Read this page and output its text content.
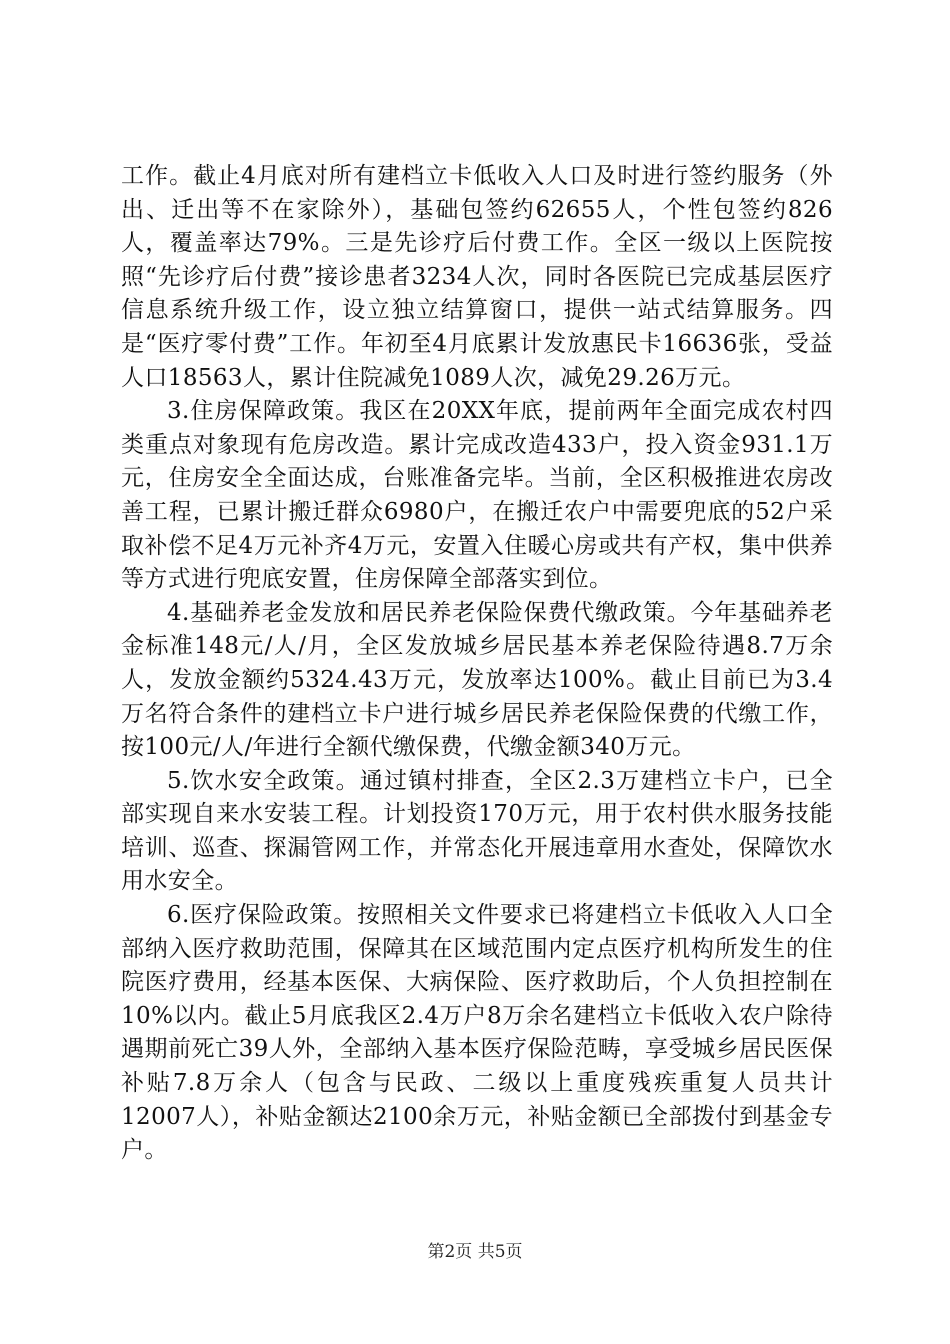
工作。截止4月底对所有建档立卡低收入人口及时进行签约服务（外出、迁出等不在家除外），基础包签约62655人，个性包签约826人，覆盖率达79%。三是先诊疗后付费工作。全区一级以上医院按照“先诊疗后付费”接诊患者3234人次，同时各医院已完成基层医疗信息系统升级工作，设立独立结算窗口，提供一站式结算服务。四是“医疗零付费”工作。年初至4月底累计发放惠民卡16636张，受益人口18563人，累计住院减免1089人次，减免29.26万元。

3.住房保障政策。我区在20XX年底，提前两年全面完成农村四类重点对象现有危房改造。累计完成改造433户，投入资金931.1万元，住房安全全面达成，台账准备完毕。当前，全区积极推进农房改善工程，已累计搬迁群众6980户，在搬迁农户中需要兜底的52户采取补偿不足4万元补齐4万元，安置入住暖心房或共有产权，集中供养等方式进行兜底安置，住房保障全部落实到位。

4.基础养老金发放和居民养老保险保费代缴政策。今年基础养老金标准148元/人/月，全区发放城乡居民基本养老保险待遇8.7万余人，发放金额约5324.43万元，发放率达100%。截止目前已为3.4万名符合条件的建档立卡户进行城乡居民养老保险保费的代缴工作，按100元/人/年进行全额代缴保费，代缴金额340万元。

5.饮水安全政策。通过镇村排查，全区2.3万建档立卡户，已全部实现自来水安装工程。计划投资170万元，用于农村供水服务技能培训、巡查、探漏管网工作，并常态化开展违章用水查处，保障饮水用水安全。

6.医疗保险政策。按照相关文件要求已将建档立卡低收入人口全部纳入医疗救助范围，保障其在区域范围内定点医疗机构所发生的住院医疗费用，经基本医保、大病保险、医疗救助后，个人负担控制在10%以内。截止5月底我区2.4万户8万余名建档立卡低收入农户除待遇期前死亡39人外，全部纳入基本医疗保险范畴，享受城乡居民医保补贴7.8万余人（包含与民政、二级以上重度残疾重复人员共计12007人），补贴金额达2100余万元，补贴金额已全部拨付到基金专户。

第2页 共5页
